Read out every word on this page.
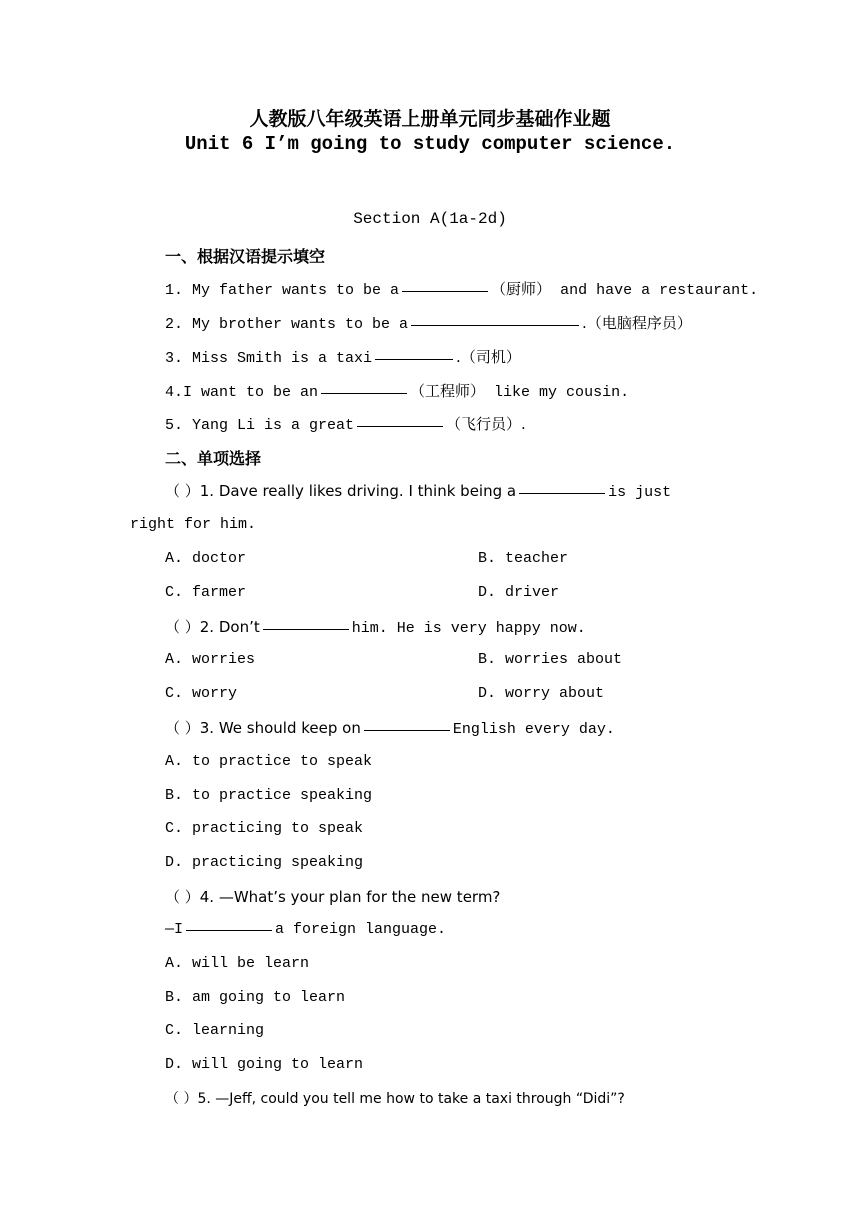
人教版八年级英语上册单元同步基础作业题
Unit 6 I’m going to study computer science.
Section A(1a-2d)
一、根据汉语提示填空
1. My father wants to be a	（厨师） and have a restaurant.
2. My brother wants to be a	.（电脑程序员）
3. Miss Smith is a taxi	.（司机）
4.I want to be an	（工程师） like my cousin.
5. Yang Li is a great	（飞行员）.
二、单项选择
（ ）1. Dave really likes driving. I think being a	is just
right for him.
A. doctor	B. teacher
C. farmer	D. driver
（ ）2. Don’t	him. He is very happy now.
A. worries	B. worries about
C. worry	D. worry about
（ ）3. We should keep on	English every day.
A. to practice to speak
B. to practice speaking
C. practicing to speak
D. practicing speaking
（ ）4. —What’s your plan for the new term?
—I	a foreign language.
A. will be learn
B. am going to learn
C. learning
D. will going to learn
（ ）5. —Jeff, could you tell me how to take a taxi through “Didi”?
